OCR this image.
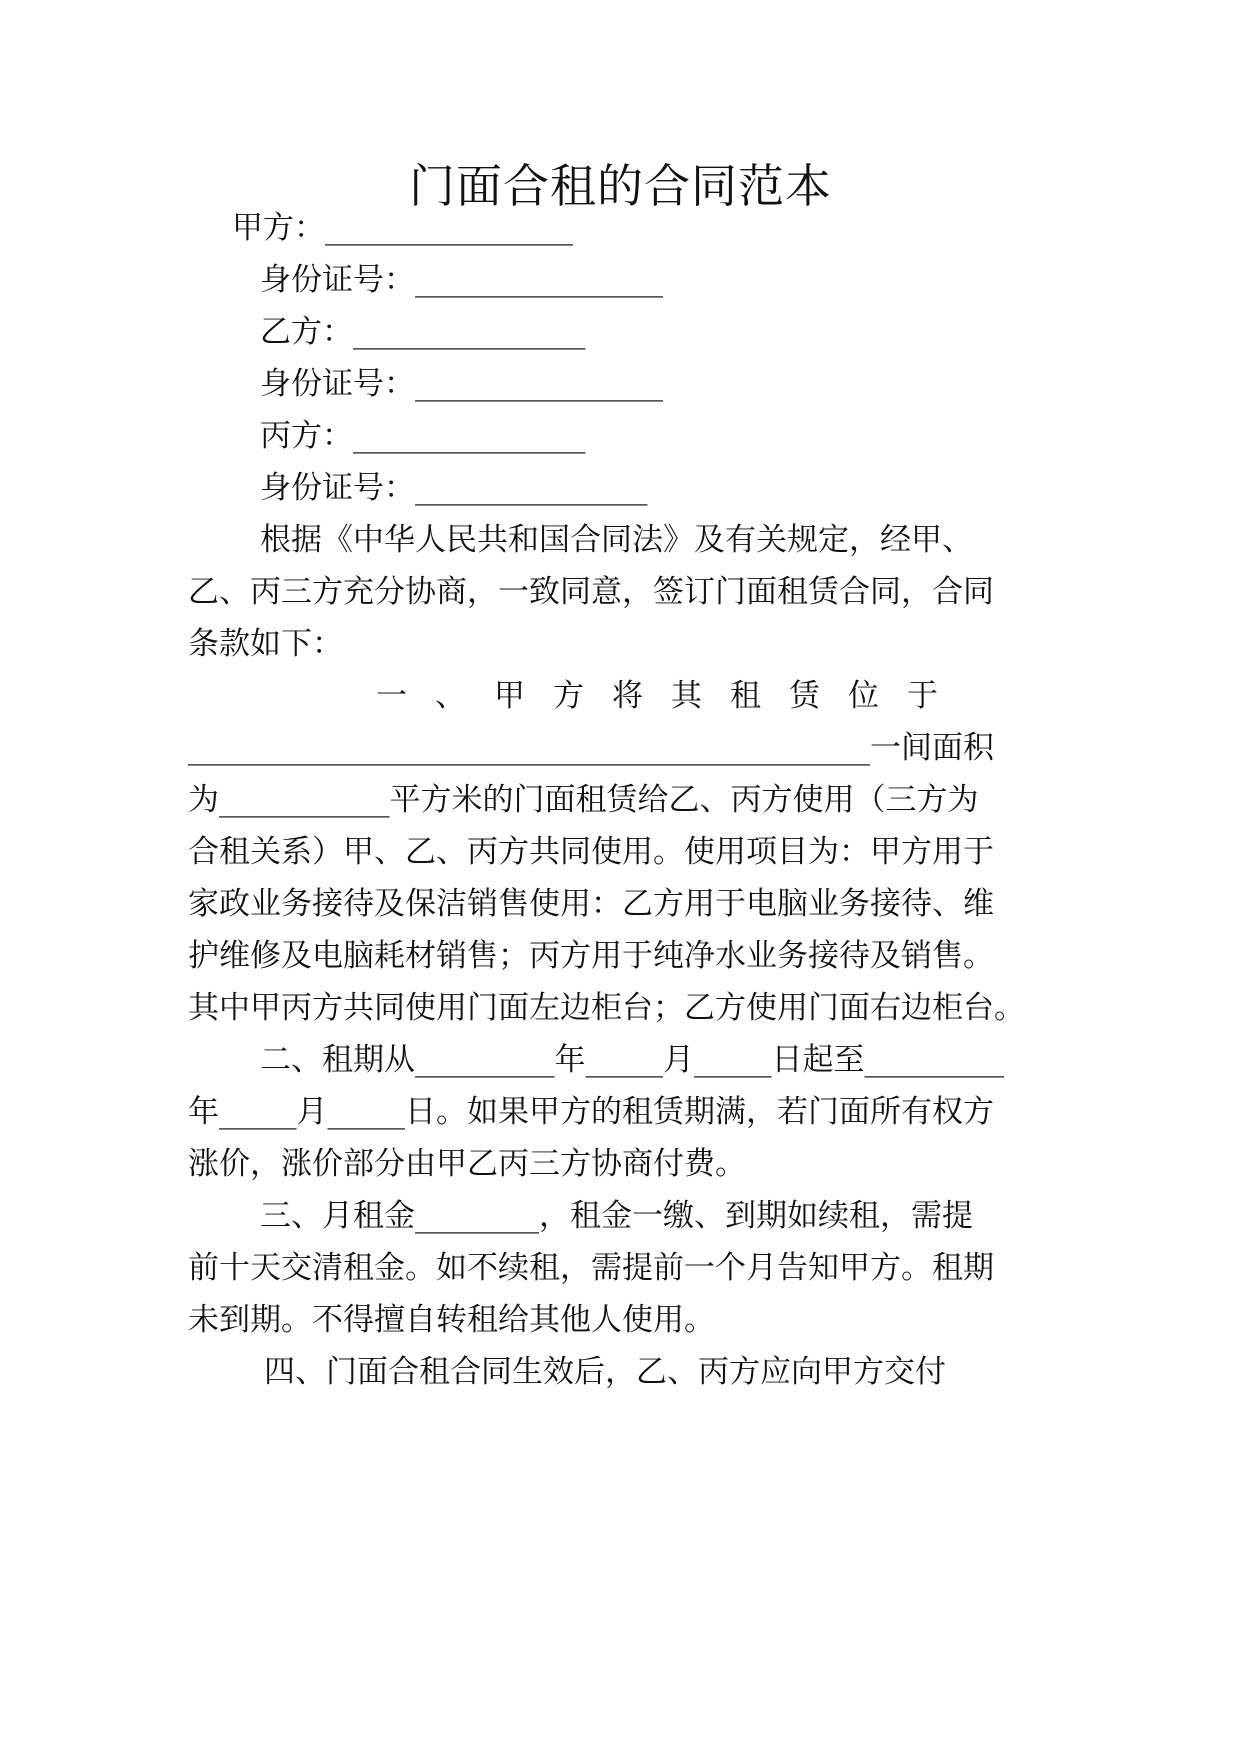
门面合租的合同范本
甲方：________________
身份证号：________________
乙方：_______________
身份证号：________________
丙方：_______________
身份证号：_______________
根据《中华人民共和国合同法》及有关规定，经甲、
乙、丙三方充分协商，一致同意，签订门面租赁合同，合同
条款如下：
一 、 甲 方 将 其 租 赁 位 于
____________________________________________一间面积
为___________平方米的门面租赁给乙、丙方使用（三方为
合租关系）甲、乙、丙方共同使用。使用项目为：甲方用于
家政业务接待及保洁销售使用：乙方用于电脑业务接待、维
护维修及电脑耗材销售；丙方用于纯净水业务接待及销售。
其中甲丙方共同使用门面左边柜台；乙方使用门面右边柜台。
二、租期从_________年_____月_____日起至_________
年_____月_____日。如果甲方的租赁期满，若门面所有权方
涨价，涨价部分由甲乙丙三方协商付费。
三、月租金________，租金一缴、到期如续租，需提
前十天交清租金。如不续租，需提前一个月告知甲方。租期
未到期。不得擅自转租给其他人使用。
四、门面合租合同生效后，乙、丙方应向甲方交付
